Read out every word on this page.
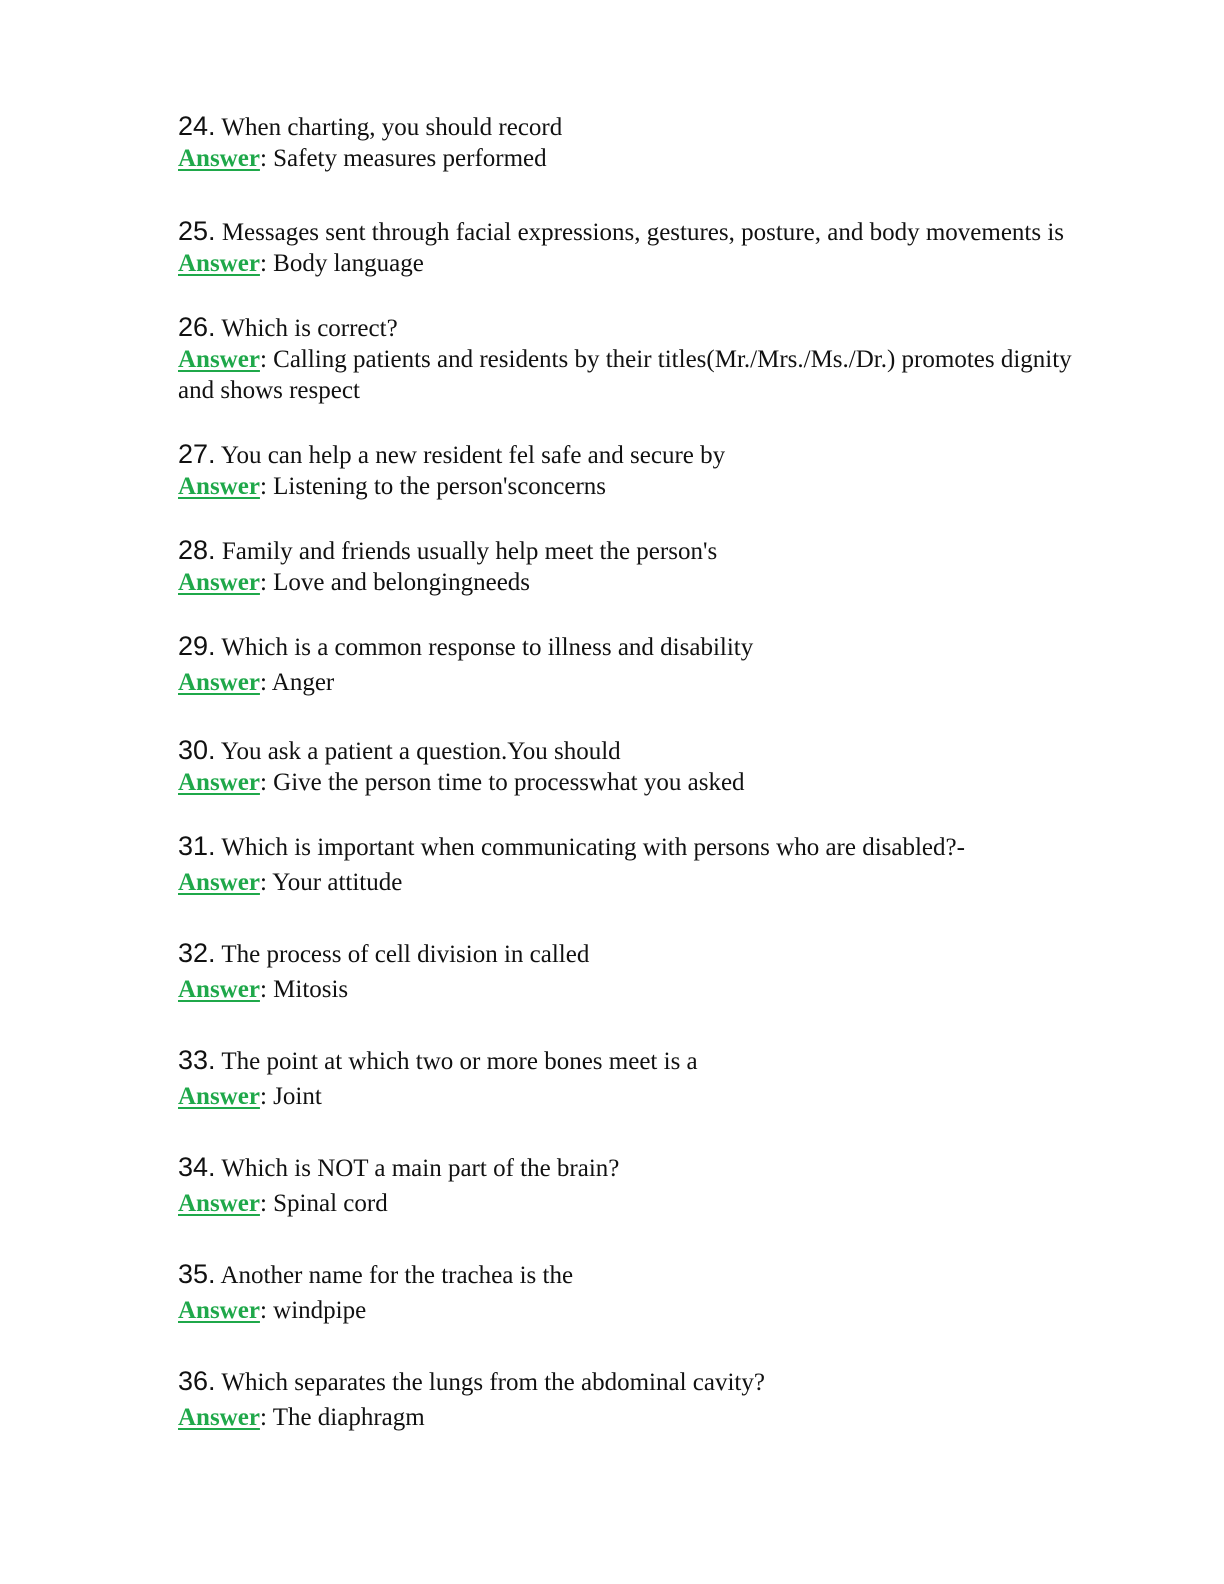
24. When charting, you should record
Answer: Safety measures performed
25. Messages sent through facial expressions, gestures, posture, and body movements is
Answer: Body language
26. Which is correct?
Answer: Calling patients and residents by their titles(Mr./Mrs./Ms./Dr.) promotes dignity and shows respect
27. You can help a new resident fel safe and secure by
Answer: Listening to the person'sconcerns
28. Family and friends usually help meet the person's
Answer: Love and belongingneeds
29. Which is a common response to illness and disability
Answer: Anger
30. You ask a patient a question.You should
Answer: Give the person time to processwhat you asked
31. Which is important when communicating with persons who are disabled?-
Answer: Your attitude
32. The process of cell division in called
Answer: Mitosis
33. The point at which two or more bones meet is a
Answer: Joint
34. Which is NOT a main part of the brain?
Answer: Spinal cord
35. Another name for the trachea is the
Answer: windpipe
36. Which separates the lungs from the abdominal cavity?
Answer: The diaphragm
